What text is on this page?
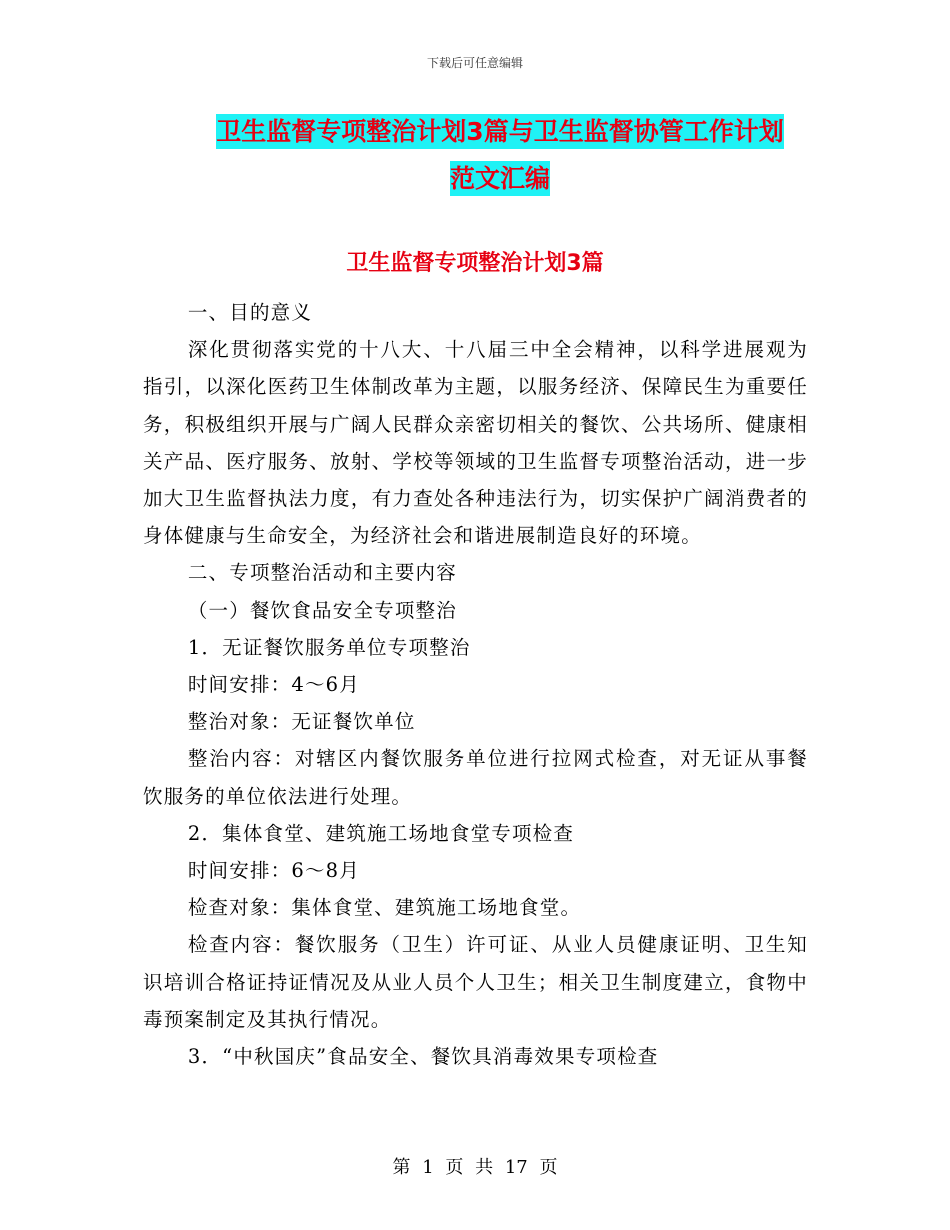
下载后可任意编辑
卫生监督专项整治计划3篇与卫生监督协管工作计划
范文汇编
卫生监督专项整治计划3篇

一、目的意义

深化贯彻落实党的十八大、十八届三中全会精神，以科学进展观为指引，以深化医药卫生体制改革为主题，以服务经济、保障民生为重要任务，积极组织开展与广阔人民群众亲密切相关的餐饮、公共场所、健康相关产品、医疗服务、放射、学校等领域的卫生监督专项整治活动，进一步加大卫生监督执法力度，有力查处各种违法行为，切实保护广阔消费者的身体健康与生命安全，为经济社会和谐进展制造良好的环境。

二、专项整治活动和主要内容

（一）餐饮食品安全专项整治

1．无证餐饮服务单位专项整治

时间安排：4～6月

整治对象：无证餐饮单位

整治内容：对辖区内餐饮服务单位进行拉网式检查，对无证从事餐饮服务的单位依法进行处理。

2．集体食堂、建筑施工场地食堂专项检查

时间安排：6～8月

检查对象：集体食堂、建筑施工场地食堂。

检查内容：餐饮服务（卫生）许可证、从业人员健康证明、卫生知识培训合格证持证情况及从业人员个人卫生；相关卫生制度建立，食物中毒预案制定及其执行情况。

3．“中秋国庆”食品安全、餐饮具消毒效果专项检查

第 1 页 共 17 页
